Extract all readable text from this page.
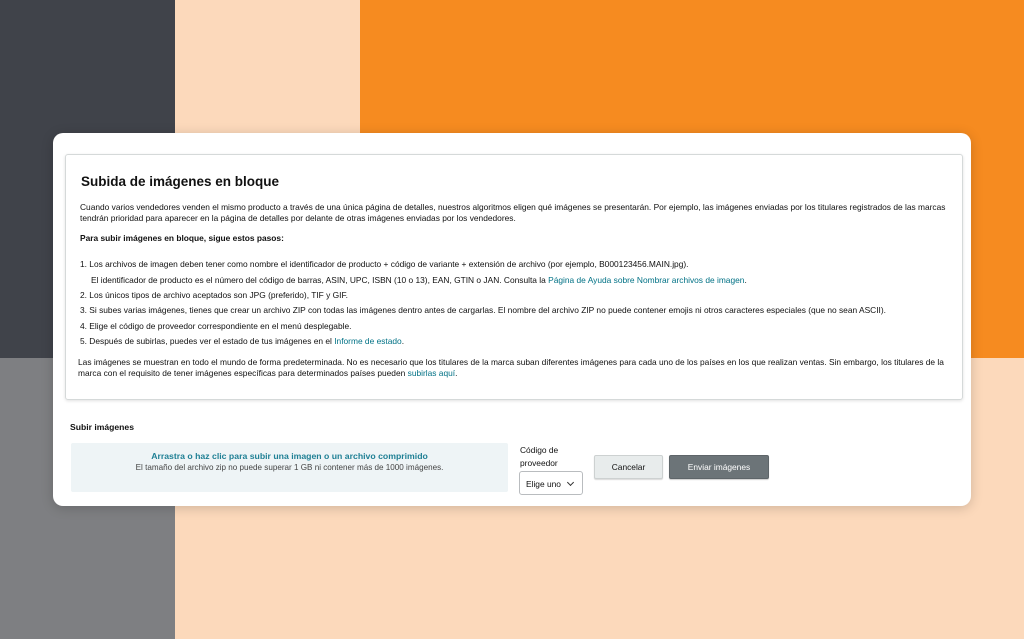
Subida de imágenes en bloque

Cuando varios vendedores venden el mismo producto a través de una única página de detalles, nuestros algoritmos eligen qué imágenes se presentarán. Por ejemplo, las imágenes enviadas por los titulares registrados de las marcas tendrán prioridad para aparecer en la página de detalles por delante de otras imágenes enviadas por los vendedores.

Para subir imágenes en bloque, sigue estos pasos:

1. Los archivos de imagen deben tener como nombre el identificador de producto + código de variante + extensión de archivo (por ejemplo, B000123456.MAIN.jpg).
El identificador de producto es el número del código de barras, ASIN, UPC, ISBN (10 o 13), EAN, GTIN o JAN. Consulta la Página de Ayuda sobre Nombrar archivos de imagen.
2. Los únicos tipos de archivo aceptados son JPG (preferido), TIF y GIF.
3. Si subes varias imágenes, tienes que crear un archivo ZIP con todas las imágenes dentro antes de cargarlas. El nombre del archivo ZIP no puede contener emojis ni otros caracteres especiales (que no sean ASCII).
4. Elige el código de proveedor correspondiente en el menú desplegable.
5. Después de subirlas, puedes ver el estado de tus imágenes en el Informe de estado.

Las imágenes se muestran en todo el mundo de forma predeterminada. No es necesario que los titulares de la marca suban diferentes imágenes para cada uno de los países en los que realizan ventas. Sin embargo, los titulares de la marca con el requisito de tener imágenes específicas para determinados países pueden subirlas aquí.

Subir imágenes
Arrastra o haz clic para subir una imagen o un archivo comprimido
El tamaño del archivo zip no puede superar 1 GB ni contener más de 1000 imágenes.
Código de proveedor
Elige uno
Cancelar	Enviar imágenes
